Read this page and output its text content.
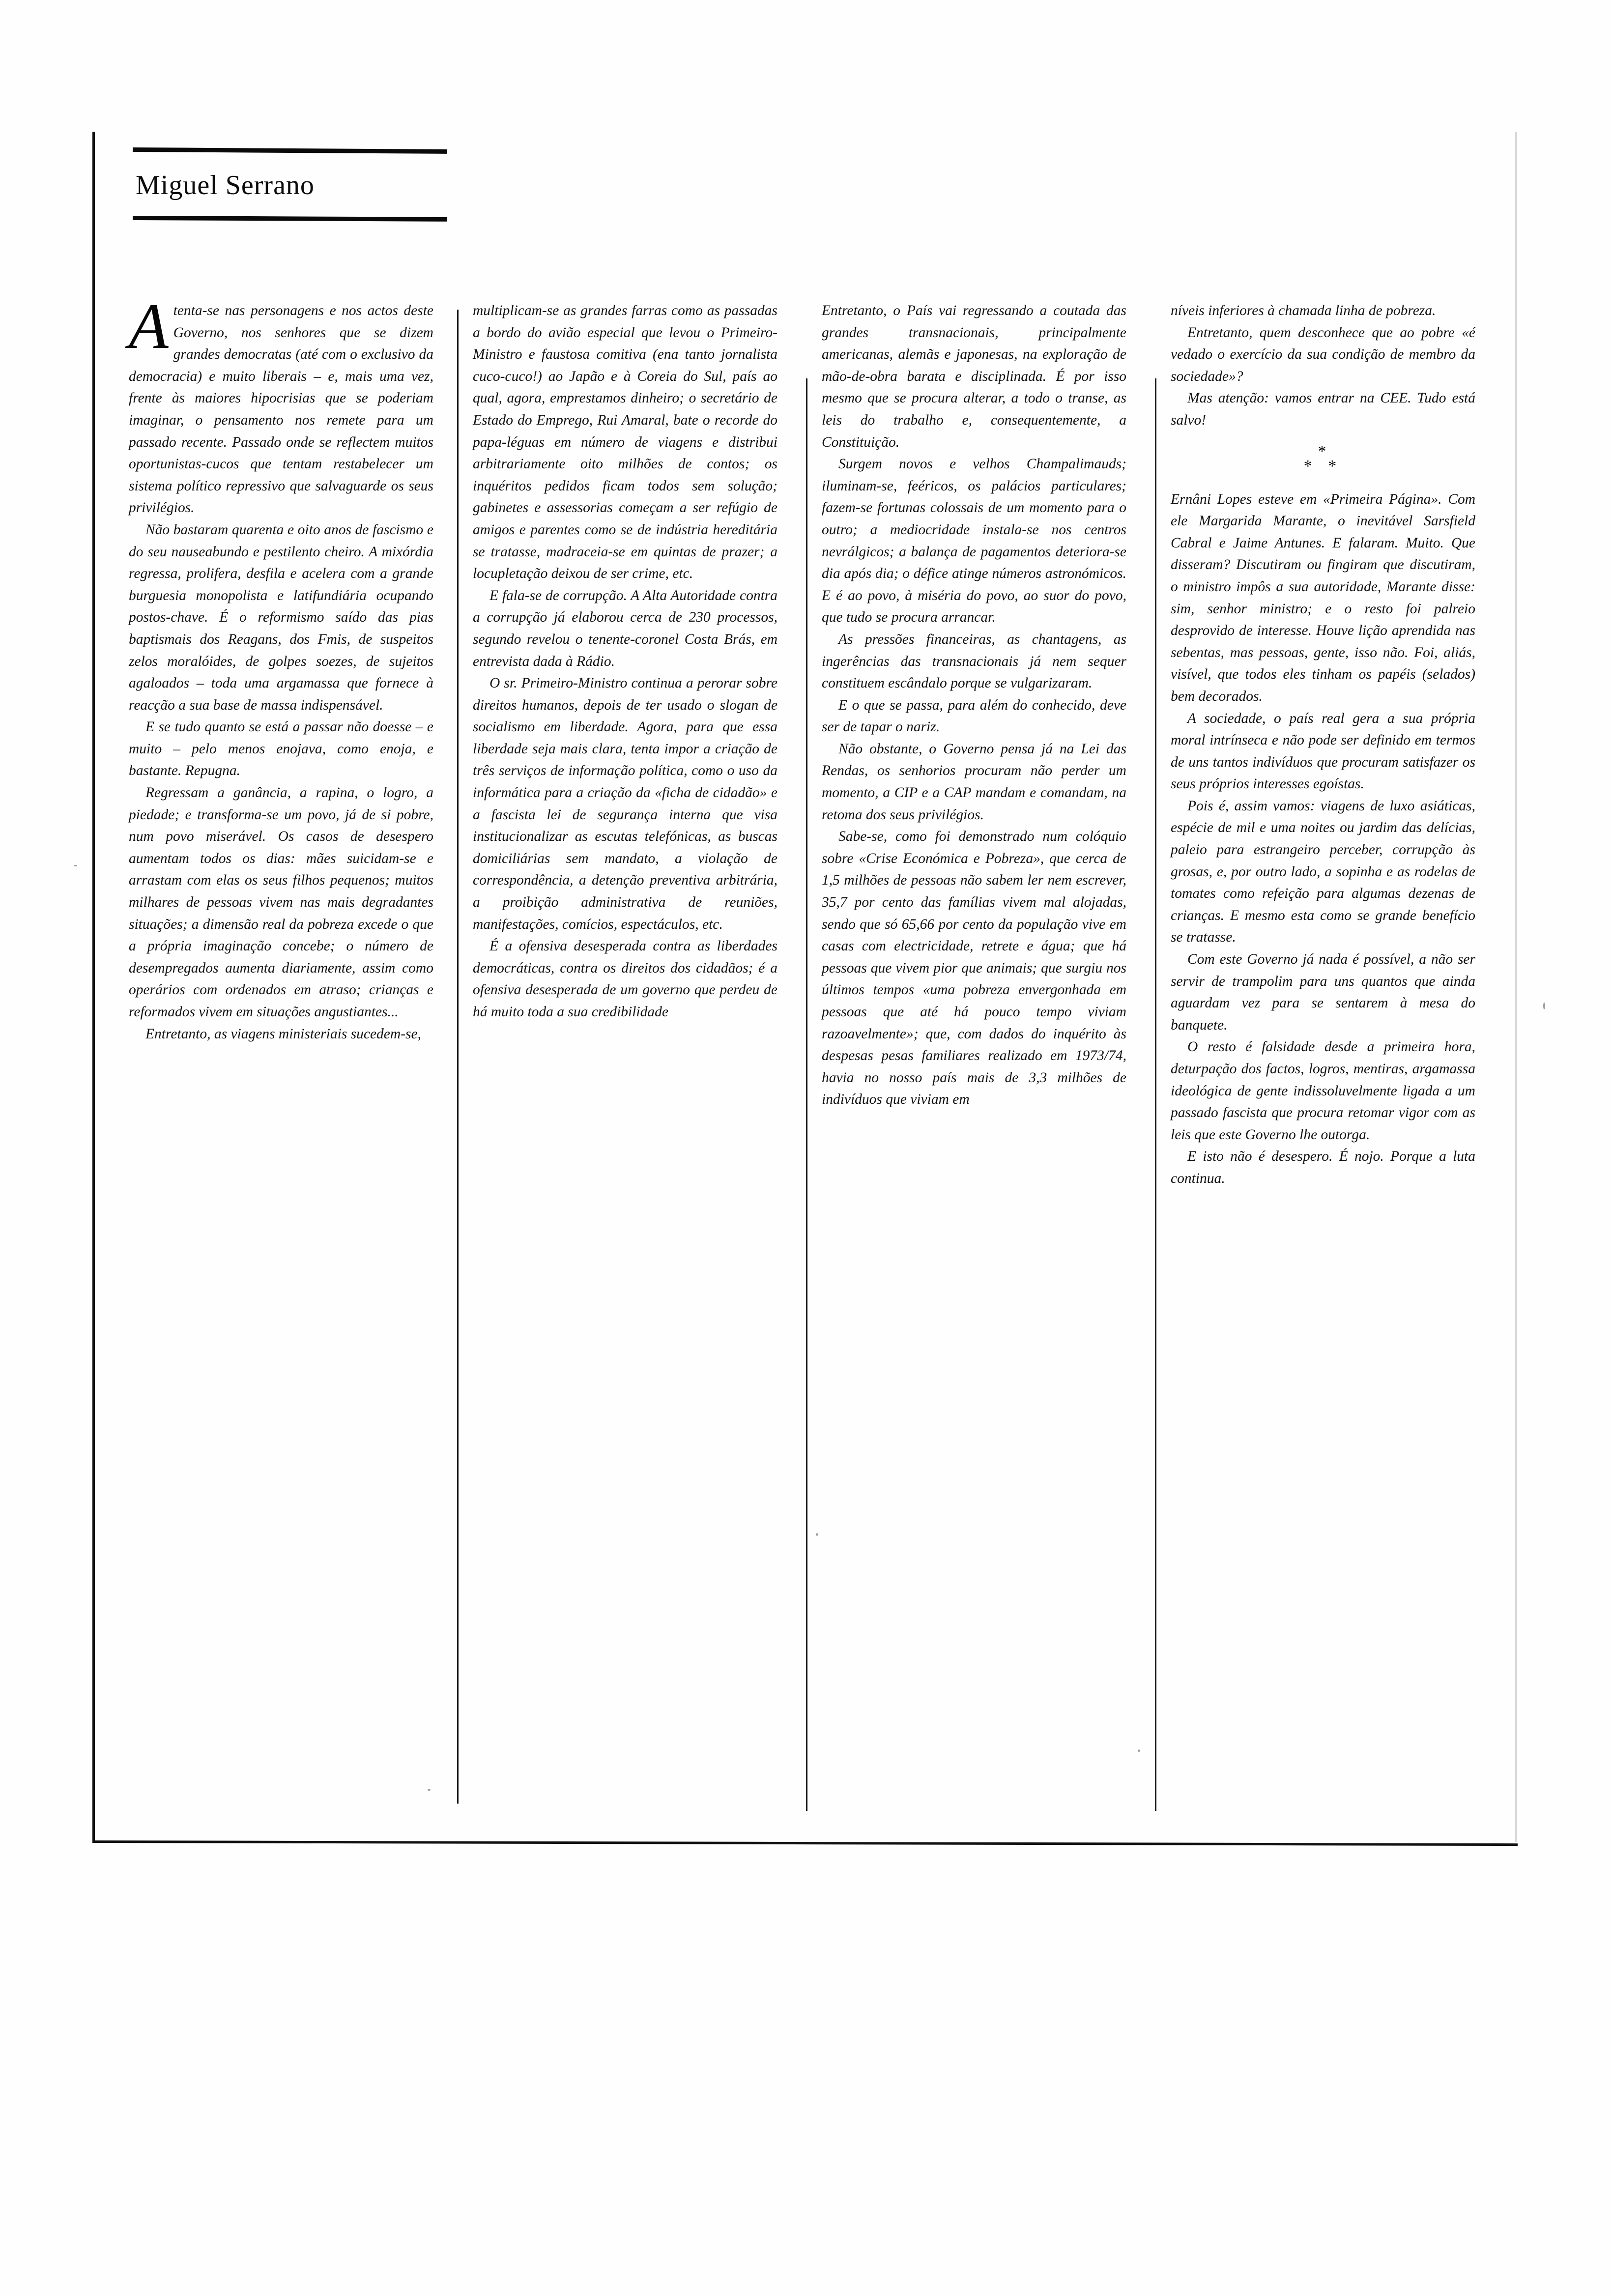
Miguel Serrano

Atenta-se nas personagens e nos actos deste Governo, nos senhores que se dizem grandes democratas (até com o exclusivo da democracia) e muito liberais – e, mais uma vez, frente às maiores hipocrisias que se poderiam imaginar, o pensamento nos remete para um passado recente. Passado onde se reflectem muitos oportunistas-cucos que tentam restabelecer um sistema político repressivo que salvaguarde os seus privilégios.

Não bastaram quarenta e oito anos de fascismo e do seu nauseabundo e pestilento cheiro. A mixórdia regressa, prolifera, desfila e acelera com a grande burguesia monopolista e latifundiária ocupando postos-chave. É o reformismo saído das pias baptismais dos Reagans, dos Fmis, de suspeitos zelos moralóides, de golpes soezes, de sujeitos agaloados – toda uma argamassa que fornece à reacção a sua base de massa indispensável.

E se tudo quanto se está a passar não doesse – e muito – pelo menos enojava, como enoja, e bastante. Repugna.

Regressam a ganância, a rapina, o logro, a piedade; e transforma-se um povo, já de si pobre, num povo miserável. Os casos de desespero aumentam todos os dias: mães suicidam-se e arrastam com elas os seus filhos pequenos; muitos milhares de pessoas vivem nas mais degradantes situações; a dimensão real da pobreza excede o que a própria imaginação concebe; o número de desempregados aumenta diariamente, assim como operários com ordenados em atraso; crianças e reformados vivem em situações angustiantes...

Entretanto, as viagens ministeriais sucedem-se,

multiplicam-se as grandes farras como as passadas a bordo do avião especial que levou o Primeiro-Ministro e faustosa comitiva (ena tanto jornalista cuco-cuco!) ao Japão e à Coreia do Sul, país ao qual, agora, emprestamos dinheiro; o secretário de Estado do Emprego, Rui Amaral, bate o recorde do papa-léguas em número de viagens e distribui arbitrariamente oito milhões de contos; os inquéritos pedidos ficam todos sem solução; gabinetes e assessorias começam a ser refúgio de amigos e parentes como se de indústria hereditária se tratasse, madraceia-se em quintas de prazer; a locupletação deixou de ser crime, etc.

E fala-se de corrupção. A Alta Autoridade contra a corrupção já elaborou cerca de 230 processos, segundo revelou o tenente-coronel Costa Brás, em entrevista dada à Rádio.

O sr. Primeiro-Ministro continua a perorar sobre direitos humanos, depois de ter usado o slogan de socialismo em liberdade. Agora, para que essa liberdade seja mais clara, tenta impor a criação de três serviços de informação política, como o uso da informática para a criação da «ficha de cidadão» e a fascista lei de segurança interna que visa institucionalizar as escutas telefónicas, as buscas domiciliárias sem mandato, a violação de correspondência, a detenção preventiva arbitrária, a proibição administrativa de reuniões, manifestações, comícios, espectáculos, etc.

É a ofensiva desesperada contra as liberdades democráticas, contra os direitos dos cidadãos; é a ofensiva desesperada de um governo que perdeu de há muito toda a sua credibilidade

Entretanto, o País vai regressando a coutada das grandes transnacionais, principalmente americanas, alemãs e japonesas, na exploração de mão-de-obra barata e disciplinada. É por isso mesmo que se procura alterar, a todo o transe, as leis do trabalho e, consequentemente, a Constituição.

Surgem novos e velhos Champalimauds; iluminam-se, feéricos, os palácios particulares; fazem-se fortunas colossais de um momento para o outro; a mediocridade instala-se nos centros nevrálgicos; a balança de pagamentos deteriora-se dia após dia; o défice atinge números astronómicos. E é ao povo, à miséria do povo, ao suor do povo, que tudo se procura arrancar.

As pressões financeiras, as chantagens, as ingerências das transnacionais já nem sequer constituem escândalo porque se vulgarizaram.

E o que se passa, para além do conhecido, deve ser de tapar o nariz.

Não obstante, o Governo pensa já na Lei das Rendas, os senhorios procuram não perder um momento, a CIP e a CAP mandam e comandam, na retoma dos seus privilégios.

Sabe-se, como foi demonstrado num colóquio sobre «Crise Económica e Pobreza», que cerca de 1,5 milhões de pessoas não sabem ler nem escrever, 35,7 por cento das famílias vivem mal alojadas, sendo que só 65,66 por cento da população vive em casas com electricidade, retrete e água; que há pessoas que vivem pior que animais; que surgiu nos últimos tempos «uma pobreza envergonhada em pessoas que até há pouco tempo viviam razoavelmente»; que, com dados do inquérito às despesas pesas familiares realizado em 1973/74, havia no nosso país mais de 3,3 milhões de indivíduos que viviam em

níveis inferiores à chamada linha de pobreza.

Entretanto, quem desconhece que ao pobre «é vedado o exercício da sua condição de membro da sociedade»?

Mas atenção: vamos entrar na CEE. Tudo está salvo!

*
* *

Ernâni Lopes esteve em «Primeira Página». Com ele Margarida Marante, o inevitável Sarsfield Cabral e Jaime Antunes. E falaram. Muito. Que disseram? Discutiram ou fingiram que discutiram, o ministro impôs a sua autoridade, Marante disse: sim, senhor ministro; e o resto foi palreio desprovido de interesse. Houve lição aprendida nas sebentas, mas pessoas, gente, isso não. Foi, aliás, visível, que todos eles tinham os papéis (selados) bem decorados.

A sociedade, o país real gera a sua própria moral intrínseca e não pode ser definido em termos de uns tantos indivíduos que procuram satisfazer os seus próprios interesses egoístas.

Pois é, assim vamos: viagens de luxo asiáticas, espécie de mil e uma noites ou jardim das delícias, paleio para estrangeiro perceber, corrupção às grosas, e, por outro lado, a sopinha e as rodelas de tomates como refeição para algumas dezenas de crianças. E mesmo esta como se grande benefício se tratasse.

Com este Governo já nada é possível, a não ser servir de trampolim para uns quantos que ainda aguardam vez para se sentarem à mesa do banquete.

O resto é falsidade desde a primeira hora, deturpação dos factos, logros, mentiras, argamassa ideológica de gente indissoluvelmente ligada a um passado fascista que procura retomar vigor com as leis que este Governo lhe outorga.

E isto não é desespero. É nojo. Porque a luta continua.
